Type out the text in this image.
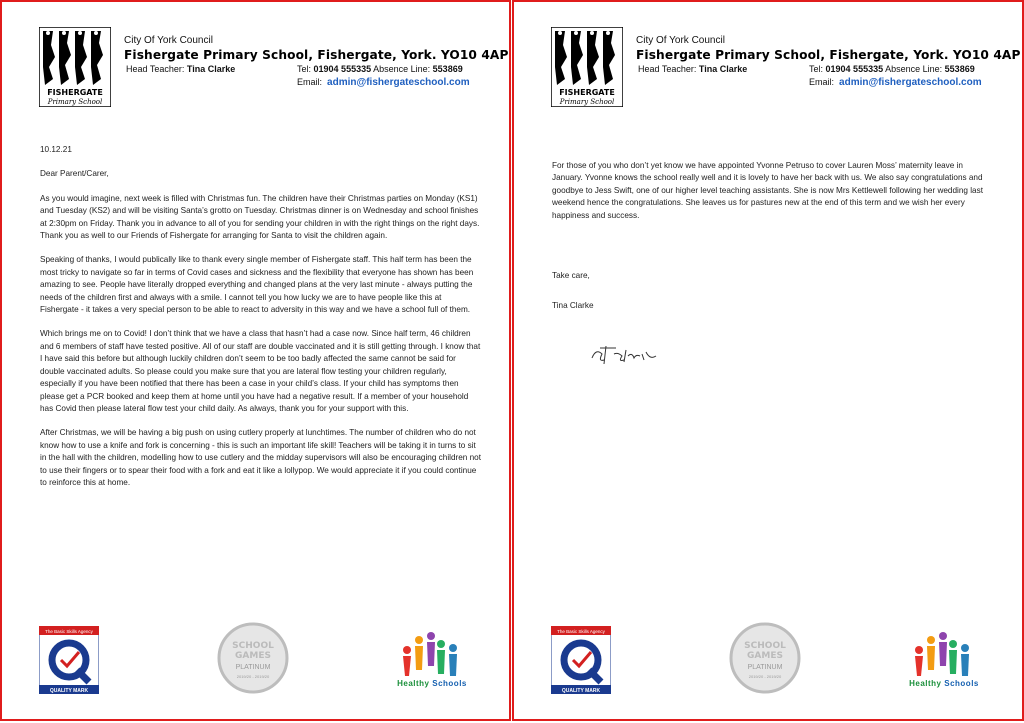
FISHERGATE
Primary School
City Of York Council
Fishergate Primary School, Fishergate, York. YO10 4AP
Head Teacher: Tina Clarke	Tel: 01904 555335 Absence Line: 553869
Email: admin@fishergateschool.com

10.12.21

Dear Parent/Carer,

As you would imagine, next week is filled with Christmas fun. The children have their Christmas parties on Monday (KS1) and Tuesday (KS2) and will be visiting Santa’s grotto on Tuesday. Christmas dinner is on Wednesday and school finishes at 2:30pm on Friday. Thank you in advance to all of you for sending your children in with the right things on the right days. Thank you as well to our Friends of Fishergate for arranging for Santa to visit the children again.

Speaking of thanks, I would publically like to thank every single member of Fishergate staff. This half term has been the most tricky to navigate so far in terms of Covid cases and sickness and the flexibility that everyone has shown has been amazing to see. People have literally dropped everything and changed plans at the very last minute - always putting the needs of the children first and always with a smile. I cannot tell you how lucky we are to have people like this at Fishergate - it takes a very special person to be able to react to adversity in this way and we have a school full of them.

Which brings me on to Covid! I don’t think that we have a class that hasn’t had a case now. Since half term, 46 children and 6 members of staff have tested positive. All of our staff are double vaccinated and it is still getting through. I know that I have said this before but although luckily children don’t seem to be too badly affected the same cannot be said for double vaccinated adults. So please could you make sure that you are lateral flow testing your children regularly, especially if you have been notified that there has been a case in your child’s class. If your child has symptoms then please get a PCR booked and keep them at home until you have had a negative result. If a member of your household has Covid then please lateral flow test your child daily. As always, thank you for your support with this.

After Christmas, we will be having a big push on using cutlery properly at lunchtimes. The number of children who do not know how to use a knife and fork is concerning - this is such an important life skill! Teachers will be taking it in turns to sit in the hall with the children, modelling how to use cutlery and the midday supervisors will also be encouraging children not to use their fingers or to spear their food with a fork and eat it like a lollypop. We would appreciate it if you could continue to reinforce this at home.

The Basic Skills Agency
QUALITY MARK
SCHOOL
GAMES
PLATINUM
2019/20 - 2019/20
Healthy Schools
FISHERGATE
Primary School
City Of York Council
Fishergate Primary School, Fishergate, York. YO10 4AP
Head Teacher: Tina Clarke	Tel: 01904 555335 Absence Line: 553869
Email: admin@fishergateschool.com

For those of you who don’t yet know we have appointed Yvonne Petruso to cover Lauren Moss’ maternity leave in January. Yvonne knows the school really well and it is lovely to have her back with us. We also say congratulations and goodbye to Jess Swift, one of our higher level teaching assistants. She is now Mrs Kettlewell following her wedding last weekend hence the congratulations. She leaves us for pastures new at the end of this term and we wish her every happiness and success.

Take care,

Tina Clarke

The Basic Skills Agency
QUALITY MARK
SCHOOL
GAMES
PLATINUM
2019/20 - 2019/20
Healthy Schools
